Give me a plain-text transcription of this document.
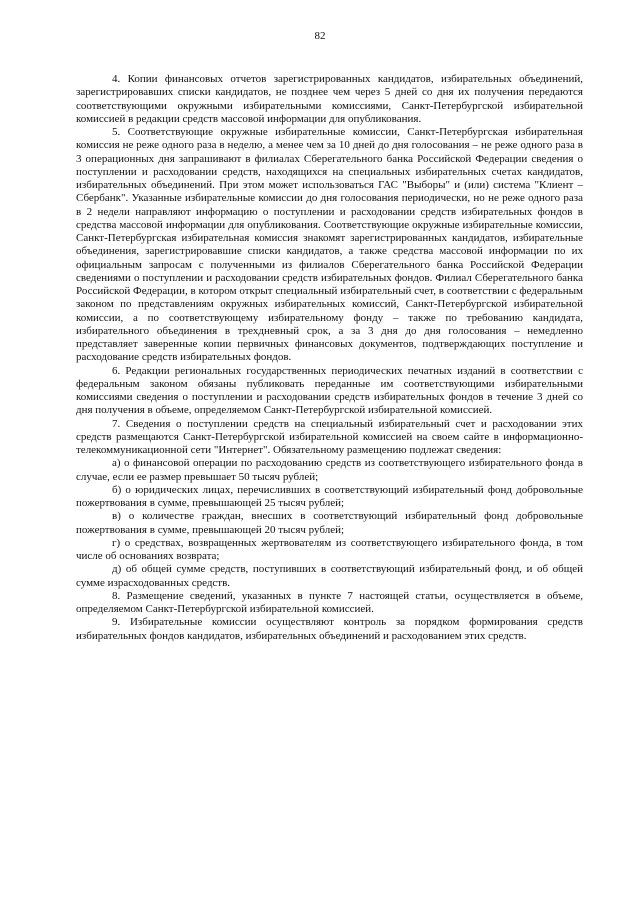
82

4. Копии финансовых отчетов зарегистрированных кандидатов, избирательных объединений, зарегистрировавших списки кандидатов, не позднее чем через 5 дней со дня их получения передаются соответствующими окружными избирательными комиссиями, Санкт-Петербургской избирательной комиссией в редакции средств массовой информации для опубликования.

5. Соответствующие окружные избирательные комиссии, Санкт-Петербургская избирательная комиссия не реже одного раза в неделю, а менее чем за 10 дней до дня голосования – не реже одного раза в 3 операционных дня запрашивают в филиалах Сберегательного банка Российской Федерации сведения о поступлении и расходовании средств, находящихся на специальных избирательных счетах кандидатов, избирательных объединений. При этом может использоваться ГАС "Выборы" и (или) система "Клиент – Сбербанк". Указанные избирательные комиссии до дня голосования периодически, но не реже одного раза в 2 недели направляют информацию о поступлении и расходовании средств избирательных фондов в средства массовой информации для опубликования. Соответствующие окружные избирательные комиссии, Санкт-Петербургская избирательная комиссия знакомят зарегистрированных кандидатов, избирательные объединения, зарегистрировавшие списки кандидатов, а также средства массовой информации по их официальным запросам с полученными из филиалов Сберегательного банка Российской Федерации сведениями о поступлении и расходовании средств избирательных фондов. Филиал Сберегательного банка Российской Федерации, в котором открыт специальный избирательный счет, в соответствии с федеральным законом по представлениям окружных избирательных комиссий, Санкт-Петербургской избирательной комиссии, а по соответствующему избирательному фонду – также по требованию кандидата, избирательного объединения в трехдневный срок, а за 3 дня до дня голосования – немедленно представляет заверенные копии первичных финансовых документов, подтверждающих поступление и расходование средств избирательных фондов.

6. Редакции региональных государственных периодических печатных изданий в соответствии с федеральным законом обязаны публиковать переданные им соответствующими избирательными комиссиями сведения о поступлении и расходовании средств избирательных фондов в течение 3 дней со дня получения в объеме, определяемом Санкт-Петербургской избирательной комиссией.

7. Сведения о поступлении средств на специальный избирательный счет и расходовании этих средств размещаются Санкт-Петербургской избирательной комиссией на своем сайте в информационно-телекоммуникационной сети "Интернет". Обязательному размещению подлежат сведения:

а) о финансовой операции по расходованию средств из соответствующего избирательного фонда в случае, если ее размер превышает 50 тысяч рублей;

б) о юридических лицах, перечисливших в соответствующий избирательный фонд добровольные пожертвования в сумме, превышающей 25 тысяч рублей;

в) о количестве граждан, внесших в соответствующий избирательный фонд добровольные пожертвования в сумме, превышающей 20 тысяч рублей;

г) о средствах, возвращенных жертвователям из соответствующего избирательного фонда, в том числе об основаниях возврата;

д) об общей сумме средств, поступивших в соответствующий избирательный фонд, и об общей сумме израсходованных средств.

8. Размещение сведений, указанных в пункте 7 настоящей статьи, осуществляется в объеме, определяемом Санкт-Петербургской избирательной комиссией.

9. Избирательные комиссии осуществляют контроль за порядком формирования средств избирательных фондов кандидатов, избирательных объединений и расходованием этих средств.
